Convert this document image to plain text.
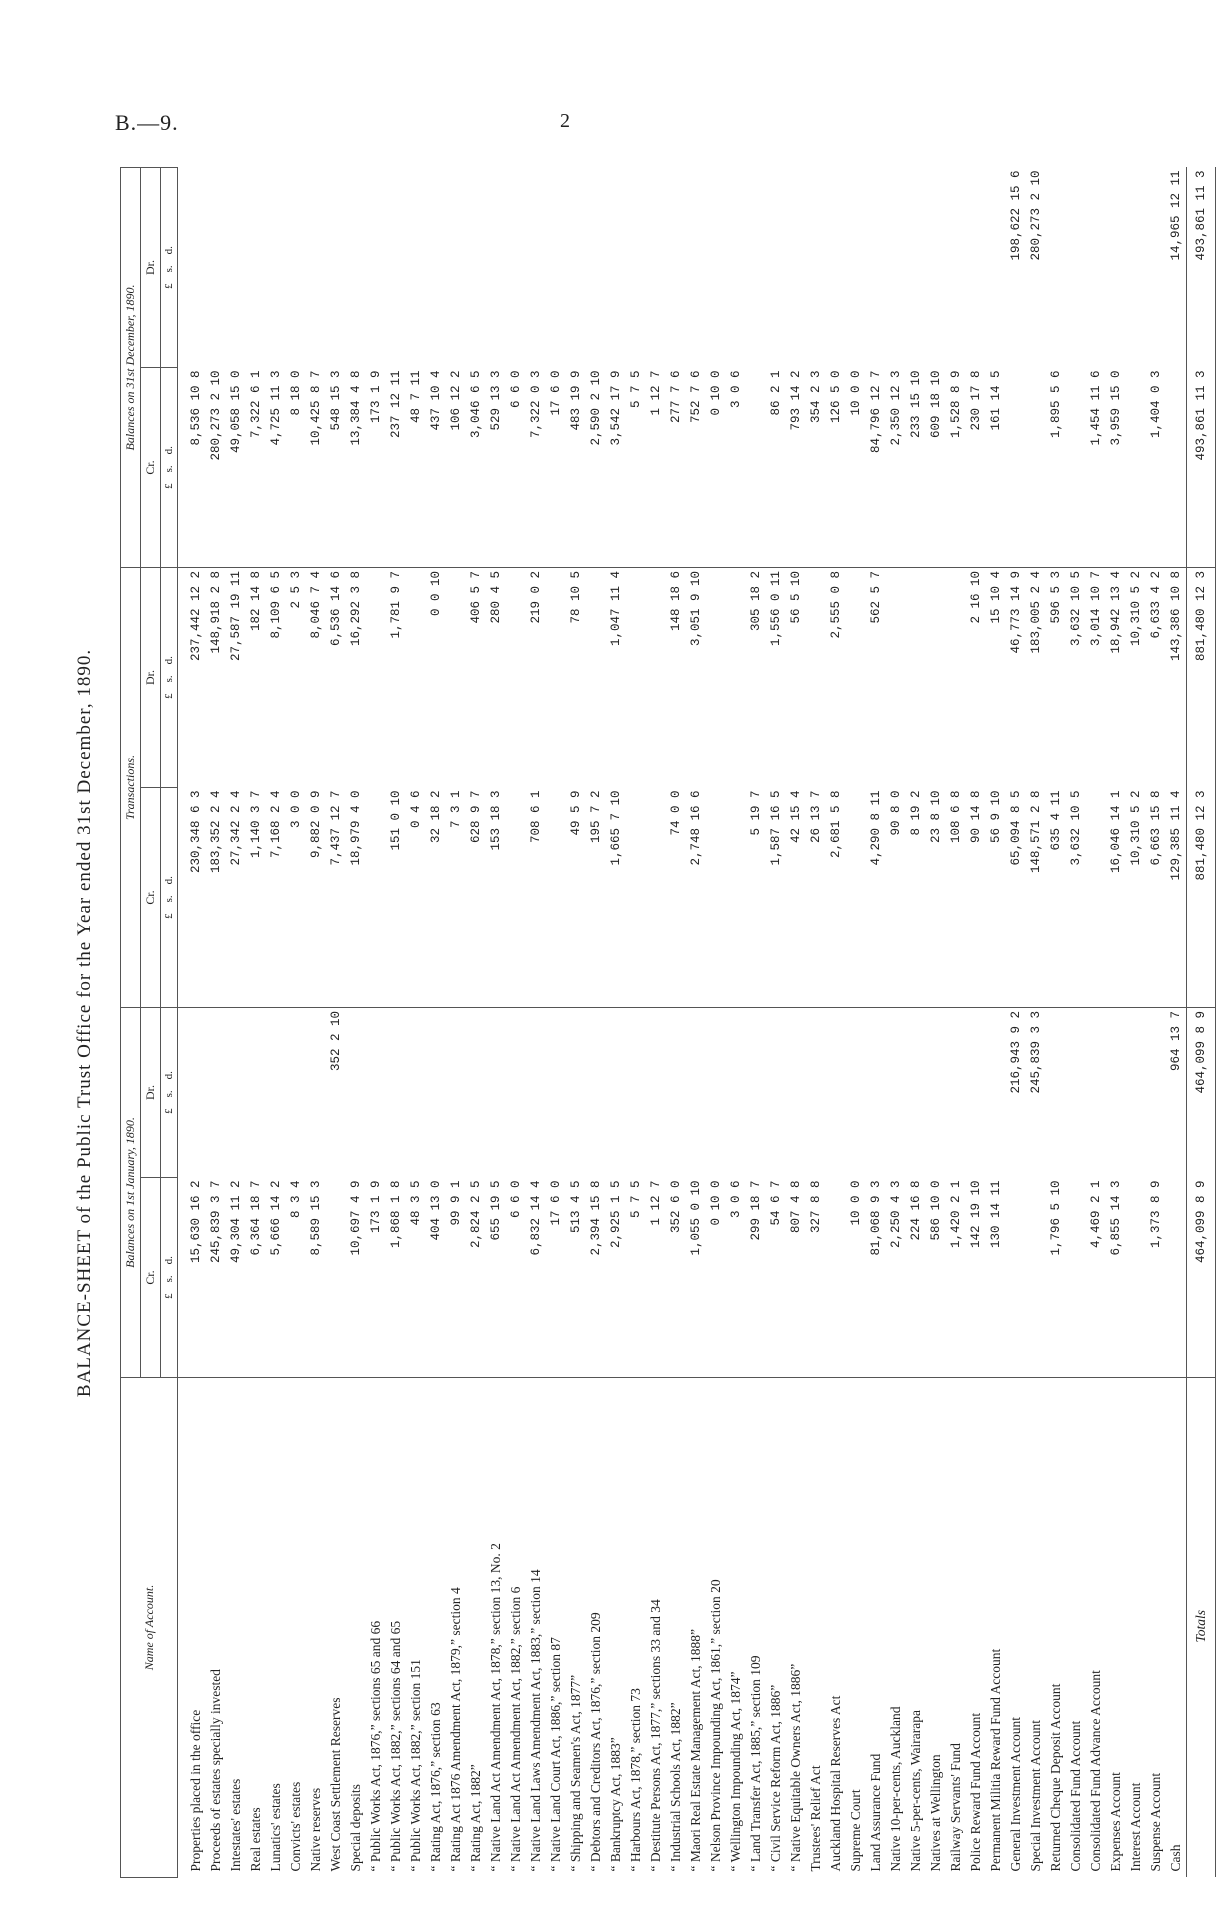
B.—9.	2
BALANCE-SHEET of the Public Trust Office for the Year ended 31st December, 1890.
Name of Account.	Balances on 1st January, 1890.		Transactions.		Balances on 31st December, 1890.	
	Cr.	Dr.	Cr.	Dr.	Cr.	Dr.
	£ s. d.	£ s. d.	£ s. d.	£ s. d.	£ s. d.	£ s. d.
Properties placed in the office	15,630 16 2		230,348 6 3	237,442 12 2	8,536 10 8	
Proceeds of estates specially invested	245,839 3 7		183,352 2 4	148,918 2 8	280,273 2 10	
Intestates' estates	49,304 11 2		27,342 2 4	27,587 19 11	49,058 15 0	
Real estates	6,364 18 7		1,140 3 7	182 14 8	7,322 6 1	
Lunatics' estates	5,666 14 2		7,168 2 4	8,109 6 5	4,725 11 3	
Convicts' estates	8 3 4		3 0 0	2 5 3	8 18 0	
Native reserves	8,589 15 3		9,882 0 9	8,046 7 4	10,425 8 7	
West Coast Settlement Reserves		352 2 10	7,437 12 7	6,536 14 6	548 15 3	
Special deposits	10,697 4 9		18,979 4 0	16,292 3 8	13,384 4 8	
“ Public Works Act, 1876,” sections 65 and 66	173 1 9				173 1 9	
“ Public Works Act, 1882,” sections 64 and 65	1,868 1 8		151 0 10	1,781 9 7	237 12 11	
“ Public Works Act, 1882,” section 151	48 3 5		0 4 6		48 7 11	
“ Rating Act, 1876,” section 63	404 13 0		32 18 2	0 0 10	437 10 4	
“ Rating Act 1876 Amendment Act, 1879,” section 4	99 9 1		7 3 1		106 12 2	
“ Rating Act, 1882”	2,824 2 5		628 9 7	406 5 7	3,046 6 5	
“ Native Land Act Amendment Act, 1878,” section 13, No. 2	655 19 5		153 18 3	280 4 5	529 13 3	
“ Native Land Act Amendment Act, 1882,” section 6	6 6 0				6 6 0	
“ Native Land Laws Amendment Act, 1883,” section 14	6,832 14 4		708 6 1	219 0 2	7,322 0 3	
“ Native Land Court Act, 1886,” section 87	17 6 0				17 6 0	
“ Shipping and Seamen's Act, 1877”	513 4 5		49 5 9	78 10 5	483 19 9	
“ Debtors and Creditors Act, 1876,” section 209	2,394 15 8		195 7 2		2,590 2 10	
“ Bankruptcy Act, 1883”	2,925 1 5		1,665 7 10	1,047 11 4	3,542 17 9	
“ Harbours Act, 1878,” section 73	5 7 5				5 7 5	
“ Destitute Persons Act, 1877,” sections 33 and 34	1 12 7				1 12 7	
“ Industrial Schools Act, 1882”	352 6 0		74 0 0	148 18 6	277 7 6	
“ Maori Real Estate Management Act, 1888”	1,055 0 10		2,748 16 6	3,051 9 10	752 7 6	
“ Nelson Province Impounding Act, 1861,” section 20	0 10 0				0 10 0	
“ Wellington Impounding Act, 1874”	3 0 6				3 0 6	
“ Land Transfer Act, 1885,” section 109	299 18 7		5 19 7	305 18 2		
“ Civil Service Reform Act, 1886”	54 6 7		1,587 16 5	1,556 0 11	86 2 1	
“ Native Equitable Owners Act, 1886”	807 4 8		42 15 4	56 5 10	793 14 2	
Trustees' Relief Act	327 8 8		26 13 7		354 2 3	
Auckland Hospital Reserves Act			2,681 5 8	2,555 0 8	126 5 0	
Supreme Court	10 0 0				10 0 0	
Land Assurance Fund	81,068 9 3		4,290 8 11	562 5 7	84,796 12 7	
Native 10-per-cents, Auckland	2,250 4 3		90 8 0		2,350 12 3	
Native 5-per-cents, Wairarapa	224 16 8		8 19 2		233 15 10	
Natives at Wellington	586 10 0		23 8 10		609 18 10	
Railway Servants' Fund	1,420 2 1		108 6 8		1,528 8 9	
Police Reward Fund Account	142 19 10		90 14 8	2 16 10	230 17 8	
Permanent Militia Reward Fund Account	130 14 11		56 9 10	15 10 4	161 14 5	
General Investment Account		216,943 9 2	65,094 8 5	46,773 14 9		198,622 15 6
Special Investment Account		245,839 3 3	148,571 2 8	183,005 2 4		280,273 2 10
Returned Cheque Deposit Account	1,796 5 10		635 4 11	596 5 3	1,895 5 6	
Consolidated Fund Account			3,632 10 5	3,632 10 5		
Consolidated Fund Advance Account	4,469 2 1			3,014 10 7	1,454 11 6	
Expenses Account	6,855 14 3		16,046 14 1	18,942 13 4	3,959 15 0	
Interest Account			10,310 5 2	10,310 5 2		
Suspense Account	1,373 8 9		6,663 15 8	6,633 4 2	1,404 0 3	
Cash		964 13 7	129,385 11 4	143,386 10 8		14,965 12 11
Totals	464,099 8 9	464,099 8 9	881,480 12 3	881,480 12 3	493,861 11 3	493,861 11 3
